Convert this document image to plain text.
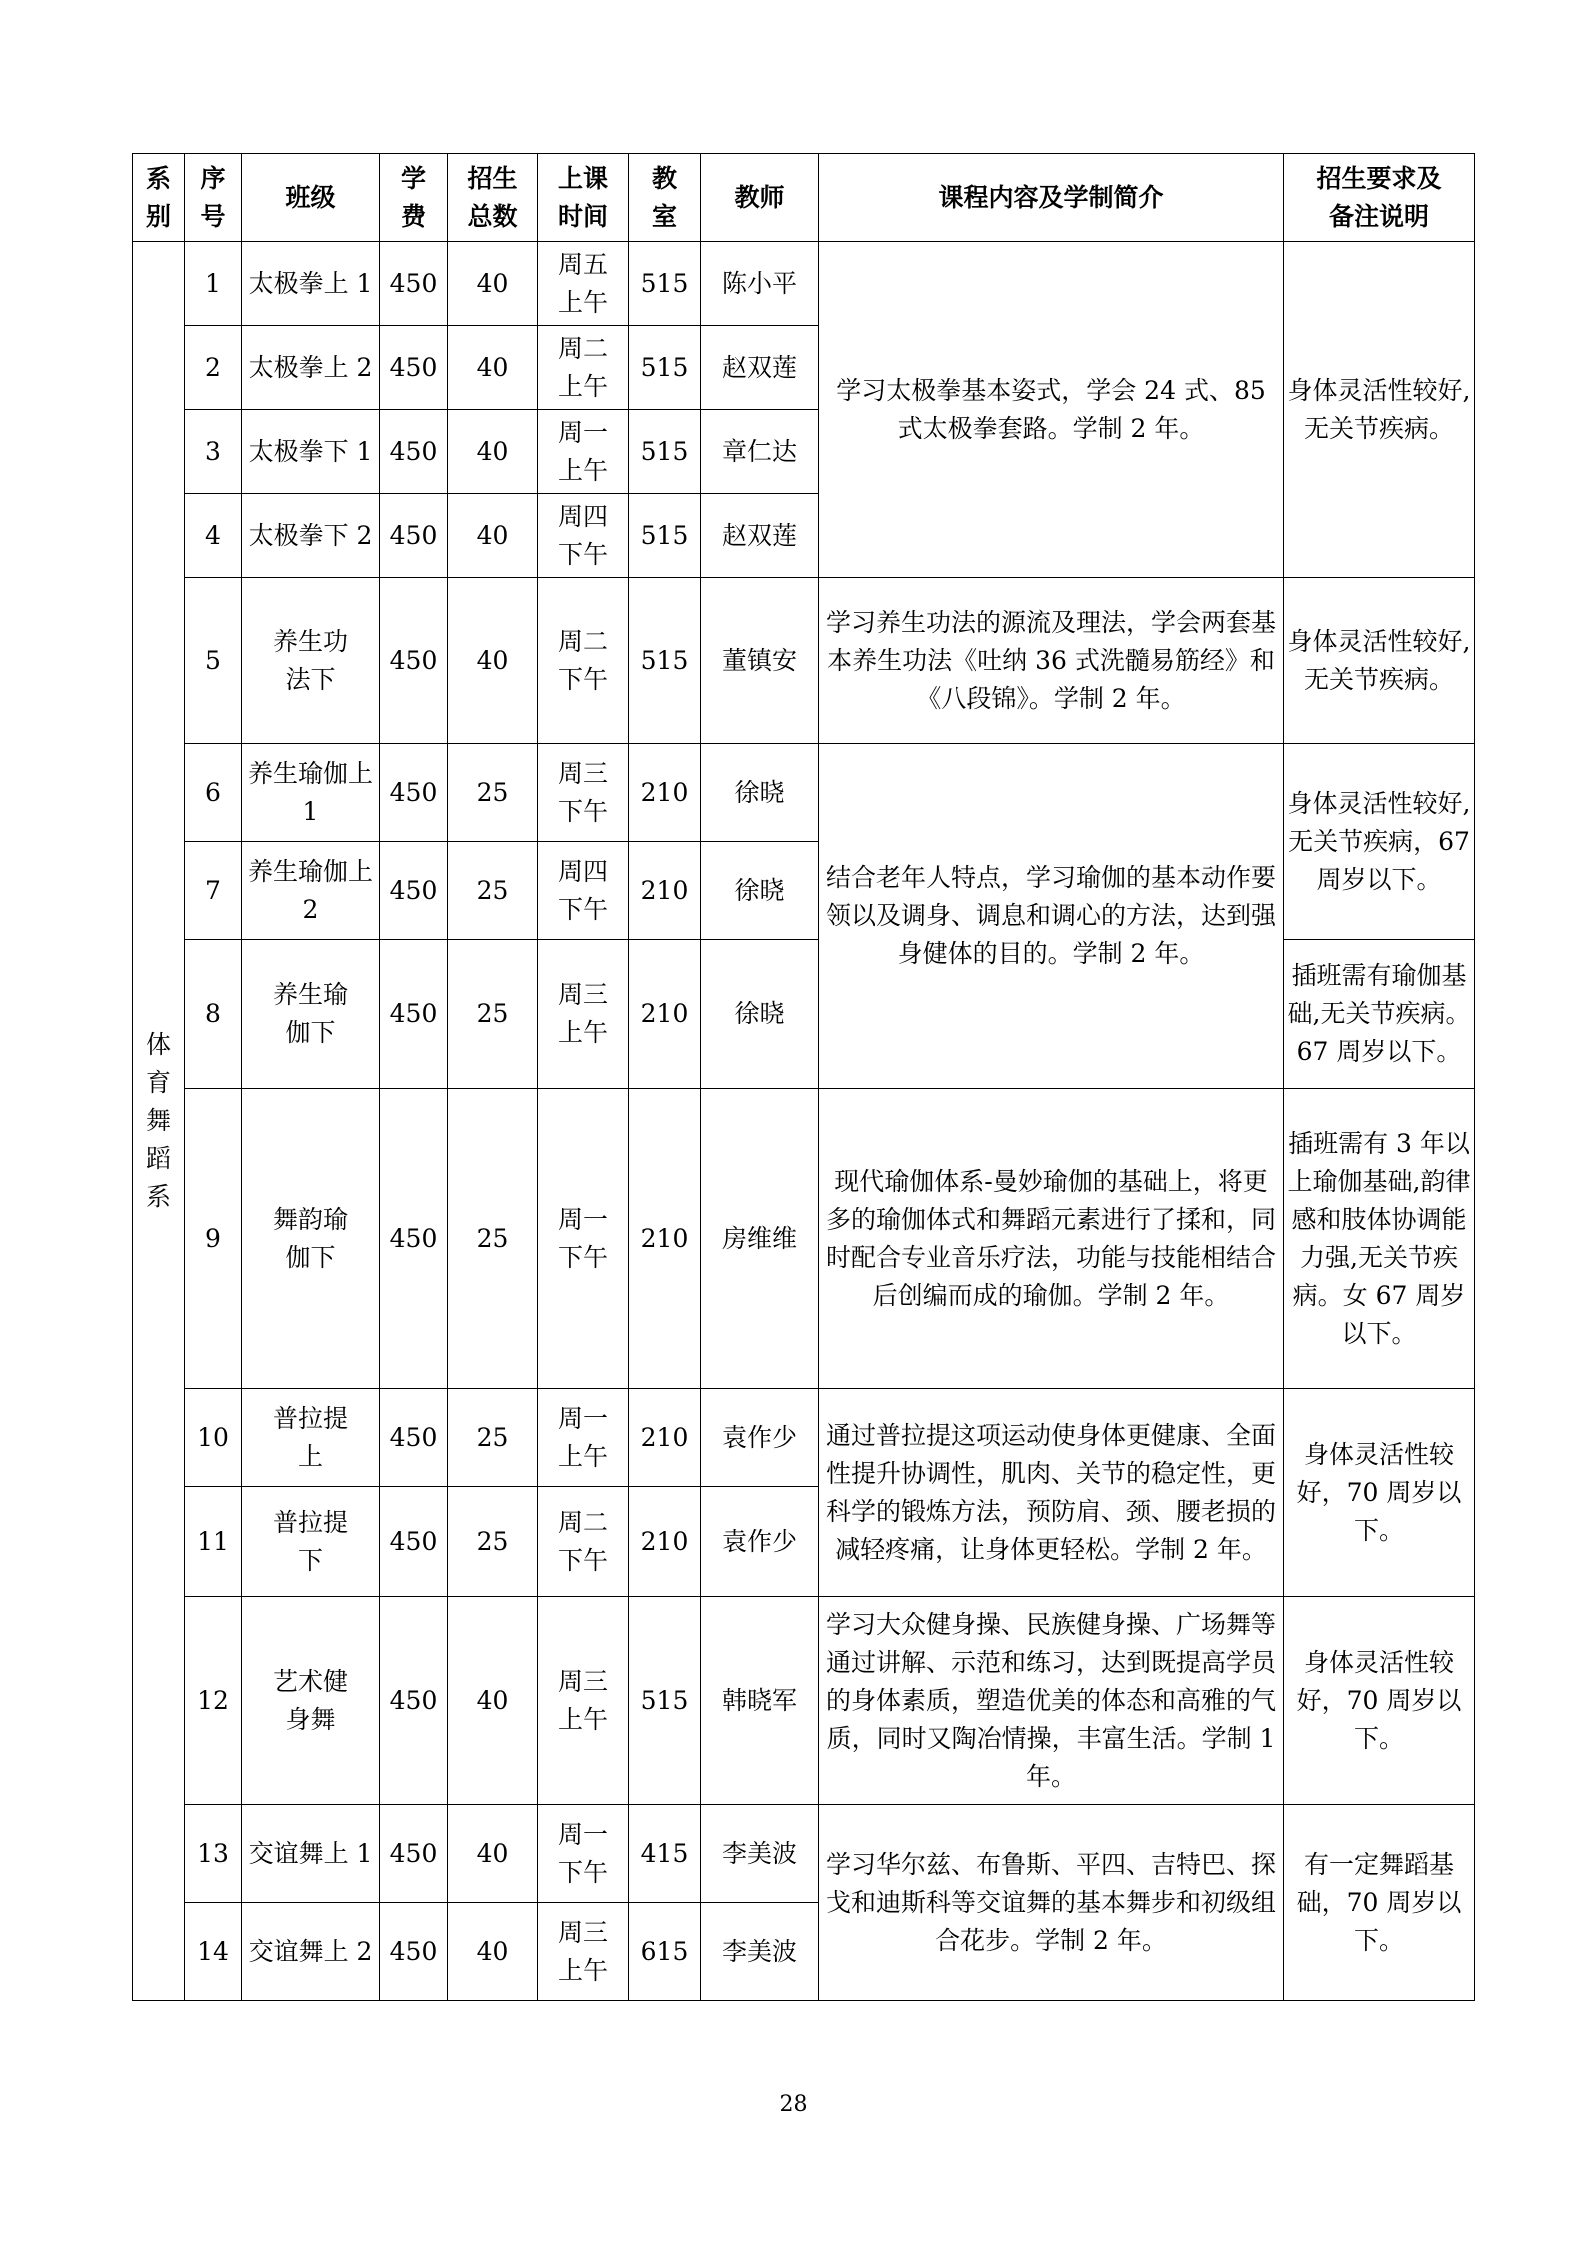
系别	序号	班级	学费	招生总数	上课时间	教室	教师	课程内容及学制简介	招生要求及备注说明
体育舞蹈系	1	太极拳上 1	450	40	周五上午	515	陈小平	学习太极拳基本姿式，学会 24 式、85 式太极拳套路。学制 2 年。	身体灵活性较好,无关节疾病。
	2	太极拳上 2	450	40	周二上午	515	赵双莲		
	3	太极拳下 1	450	40	周一上午	515	章仁达		
	4	太极拳下 2	450	40	周四下午	515	赵双莲		
	5	养生功法下	450	40	周二下午	515	董镇安	学习养生功法的源流及理法，学会两套基本养生功法《吐纳 36 式洗髓易筋经》和《八段锦》。学制 2 年。	身体灵活性较好,无关节疾病。
	6	养生瑜伽上 1	450	25	周三下午	210	徐晓	结合老年人特点，学习瑜伽的基本动作要领以及调身、调息和调心的方法，达到强身健体的目的。学制 2 年。	身体灵活性较好,无关节疾病，67 周岁以下。
	7	养生瑜伽上 2	450	25	周四下午	210	徐晓		
	8	养生瑜伽下	450	25	周三上午	210	徐晓		插班需有瑜伽基础,无关节疾病。67 周岁以下。
	9	舞韵瑜伽下	450	25	周一下午	210	房维维	现代瑜伽体系-曼妙瑜伽的基础上，将更多的瑜伽体式和舞蹈元素进行了揉和，同时配合专业音乐疗法，功能与技能相结合后创编而成的瑜伽。学制 2 年。	插班需有 3 年以上瑜伽基础,韵律感和肢体协调能力强,无关节疾病。女 67 周岁以下。
	10	普拉提上	450	25	周一上午	210	袁作少	通过普拉提这项运动使身体更健康、全面性提升协调性，肌肉、关节的稳定性，更科学的锻炼方法，预防肩、颈、腰老损的减轻疼痛，让身体更轻松。学制 2 年。	身体灵活性较好，70 周岁以下。
	11	普拉提下	450	25	周二下午	210	袁作少		
	12	艺术健身舞	450	40	周三上午	515	韩晓军	学习大众健身操、民族健身操、广场舞等通过讲解、示范和练习，达到既提高学员的身体素质，塑造优美的体态和高雅的气质，同时又陶冶情操，丰富生活。学制 1 年。	身体灵活性较好，70 周岁以下。
	13	交谊舞上 1	450	40	周一下午	415	李美波	学习华尔兹、布鲁斯、平四、吉特巴、探戈和迪斯科等交谊舞的基本舞步和初级组合花步。学制 2 年。	有一定舞蹈基础，70 周岁以下。
	14	交谊舞上 2	450	40	周三上午	615	李美波		
28
